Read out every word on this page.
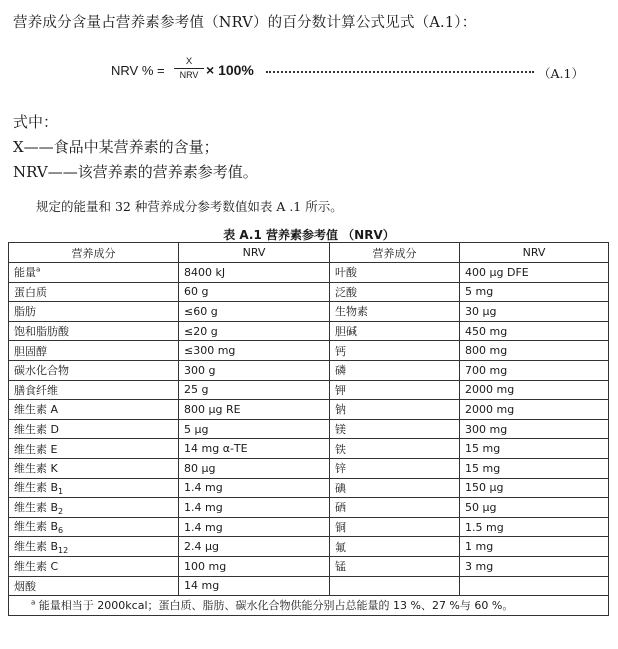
营养成分含量占营养素参考值（NRV）的百分数计算公式见式（A.1）：
NRV % =
X
NRV × 100%	（A.1）
式中：
X——食品中某营养素的含量；
NRV——该营养素的营养素参考值。
规定的能量和 32 种营养成分参考数值如表 A .1 所示。
表 A.1 营养素参考值 （NRV）
营养成分	NRV	营养成分	NRV
能量$^a$	8400 kJ	叶酸	400 μg DFE
蛋白质	60 g	泛酸	5 mg
脂肪	≤60 g	生物素	30 μg
饱和脂肪酸	≤20 g	胆碱	450 mg
胆固醇	≤300 mg	钙	800 mg
碳水化合物	300 g	磷	700 mg
膳食纤维	25 g	钾	2000 mg
维生素 A	800 μg RE	钠	2000 mg
维生素 D	5 μg	镁	300 mg
维生素 E	14 mg α-TE	铁	15 mg
维生素 K	80 μg	锌	15 mg
维生素 $B_1$	1.4 mg	碘	150 μg
维生素 $B_2$	1.4 mg	硒	50 μg
维生素 $B_6$	1.4 mg	铜	1.5 mg
维生素 $B_{12}$	2.4 μg	氟	1 mg
维生素 C	100 mg	锰	3 mg
烟酸	14 mg		
$^a$ 能量相当于 2000kcal；蛋白质、脂肪、碳水化合物供能分别占总能量的 13 %、27 %与 60 %。			
